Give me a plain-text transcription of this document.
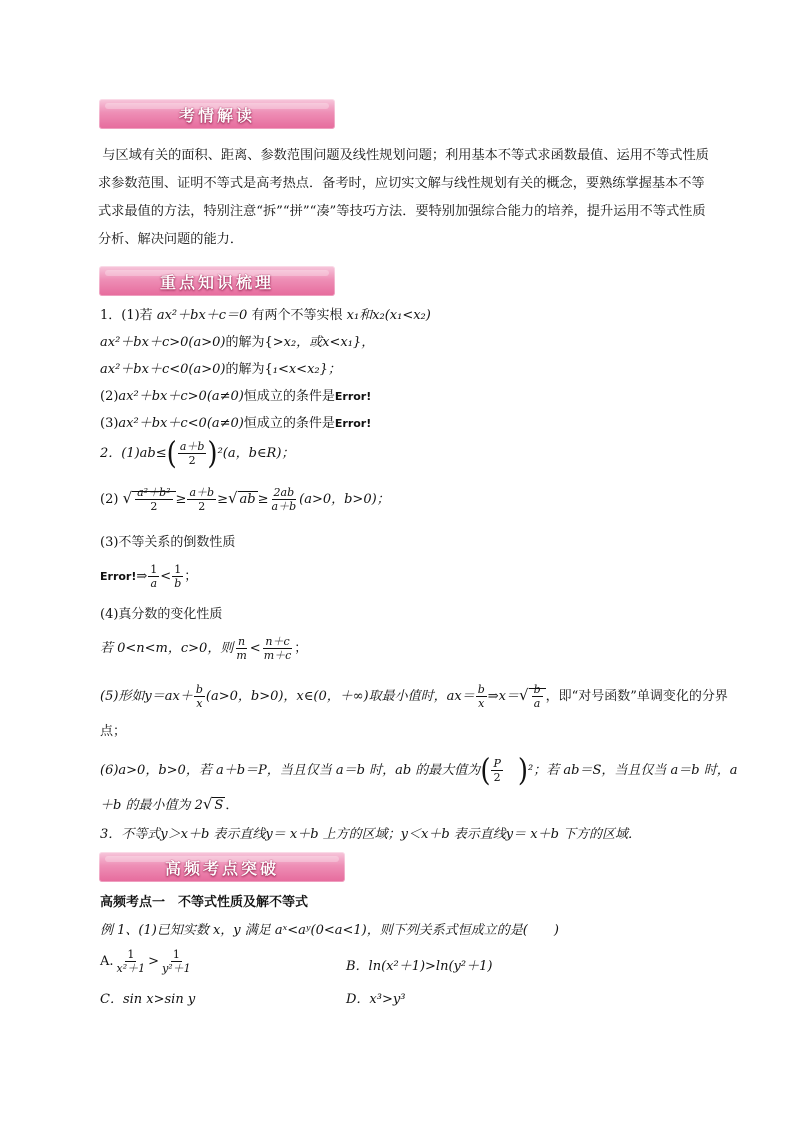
考情解读
与区域有关的面积、距离、参数范围问题及线性规划问题；利用基本不等式求函数最值、运用不等式性质求参数范围、证明不等式是高考热点．备考时，应切实文解与线性规划有关的概念，要熟练掌握基本不等式求最值的方法，特别注意“拆”“拼”“凑”等技巧方法．要特别加强综合能力的培养，提升运用不等式性质分析、解决问题的能力．
重点知识梳理
1．(1)若 ax²＋bx＋c＝0 有两个不等实根 x₁和x₂(x₁<x₂)
ax²＋bx＋c>0(a>0)的解为{>x₂，或x<x₁}，
ax²＋bx＋c<0(a>0)的解为{₁<x<x₂}；
(2)ax²＋bx＋c>0(a≠0)恒成立的条件是Error!
(3)ax²＋bx＋c<0(a≠0)恒成立的条件是Error!
2．$(1)ab\le( \frac{a+b}{2} )^2(a$，b∈R)；
(2) √ $\frac{\text{a²＋b²}}{2} \ge \frac{a+b}{2}$ ≥√ ab ≥ $\frac{2ab}{a+b} (a>0$，b>0)；
(3)不等关系的倒数性质
Error!⇒ $\frac{1}{a} < \frac{1}{b}$ ；
(4)真分数的变化性质
若 0<n<m，c>0，则 $\frac{n}{m} < \frac{n+c}{m+c}$ ；
(5)形如$y=ax+ \frac{b}{x} (a>0$，b>0)，x∈(0，＋∞)取最小值时，$ax= \frac{b}{x}$ ⇒x＝√ $\frac{b}{a}$ ，即“对号函数”单调变化的分界
点；
(6)a>0，b>0，若 a＋b＝P，当且仅当 a＝b 时，ab 的最大值为( $\frac{P}{2} )^2$；若 ab＝S，当且仅当 a＝b 时，a
＋b 的最小值为 2√ S ．
3．不等式y＞x＋b 表示直线y＝ x＋b 上方的区域；y＜x＋b 表示直线y＝ x＋b 下方的区域．
高频考点突破
高频考点一　不等式性质及解不等式
例 1、(1)已知实数 x，y 满足 aˣ<aʸ(0<a<1)，则下列关系式恒成立的是(　　)
A. $\frac{1}{\text{x²＋1}} > \frac{1}{\text{y²＋1}}$	B．ln(x²＋1)>ln(y²＋1)
C．sin x>sin y	D．x³>y³
